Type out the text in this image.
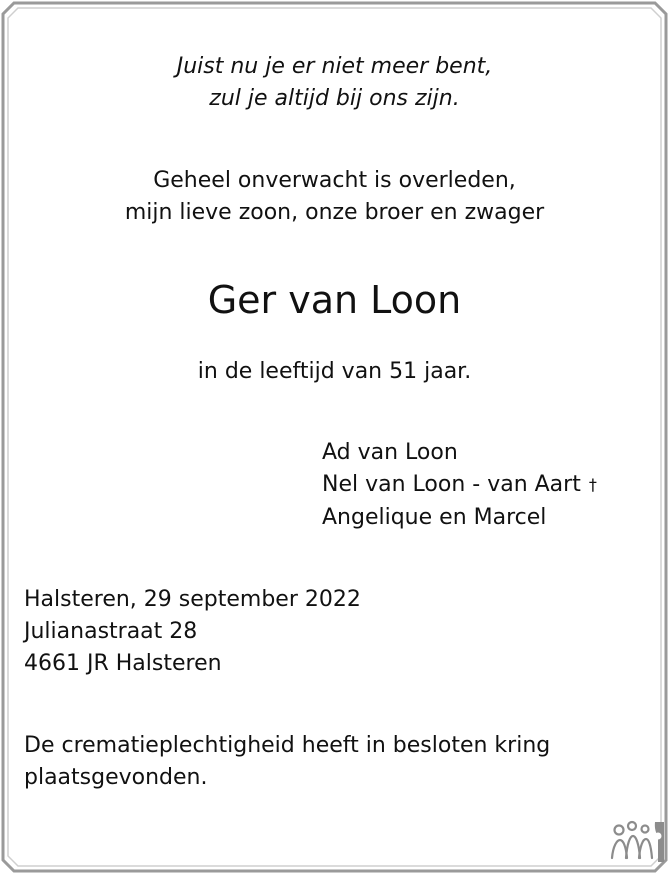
Juist nu je er niet meer bent,
zul je altijd bij ons zijn.
Geheel onverwacht is overleden,
mijn lieve zoon, onze broer en zwager
Ger van Loon
in de leeftijd van 51 jaar.
Ad van Loon
Nel van Loon - van Aart †
Angelique en Marcel
Halsteren, 29 september 2022
Julianastraat 28
4661 JR Halsteren
De crematieplechtigheid heeft in besloten kring plaatsgevonden.
